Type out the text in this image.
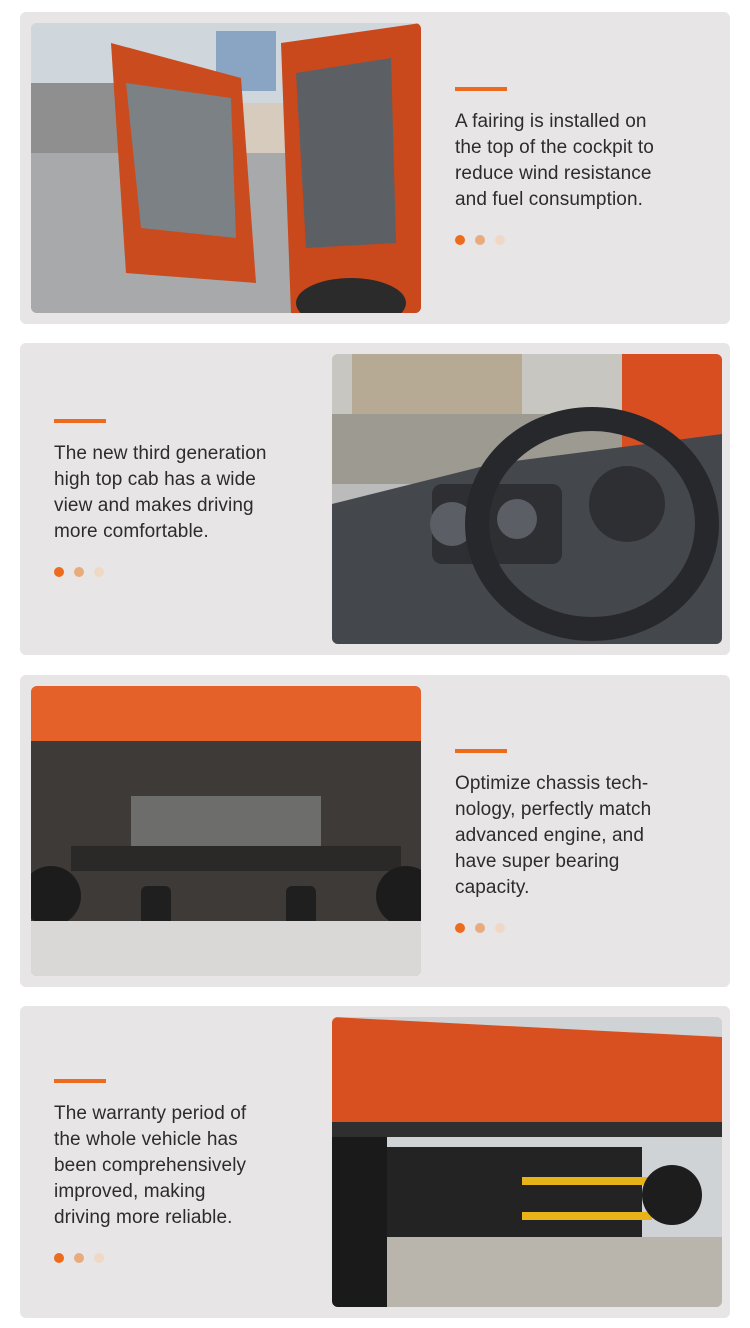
A fairing is installed on
the top of the cockpit to
reduce wind resistance
and fuel consumption.

The new third generation
high top cab has a wide
view and makes driving
more comfortable.

Optimize chassis tech-
nology, perfectly match
advanced engine, and
have super bearing
capacity.

The warranty period of
the whole vehicle has
been comprehensively
improved, making
driving more reliable.
